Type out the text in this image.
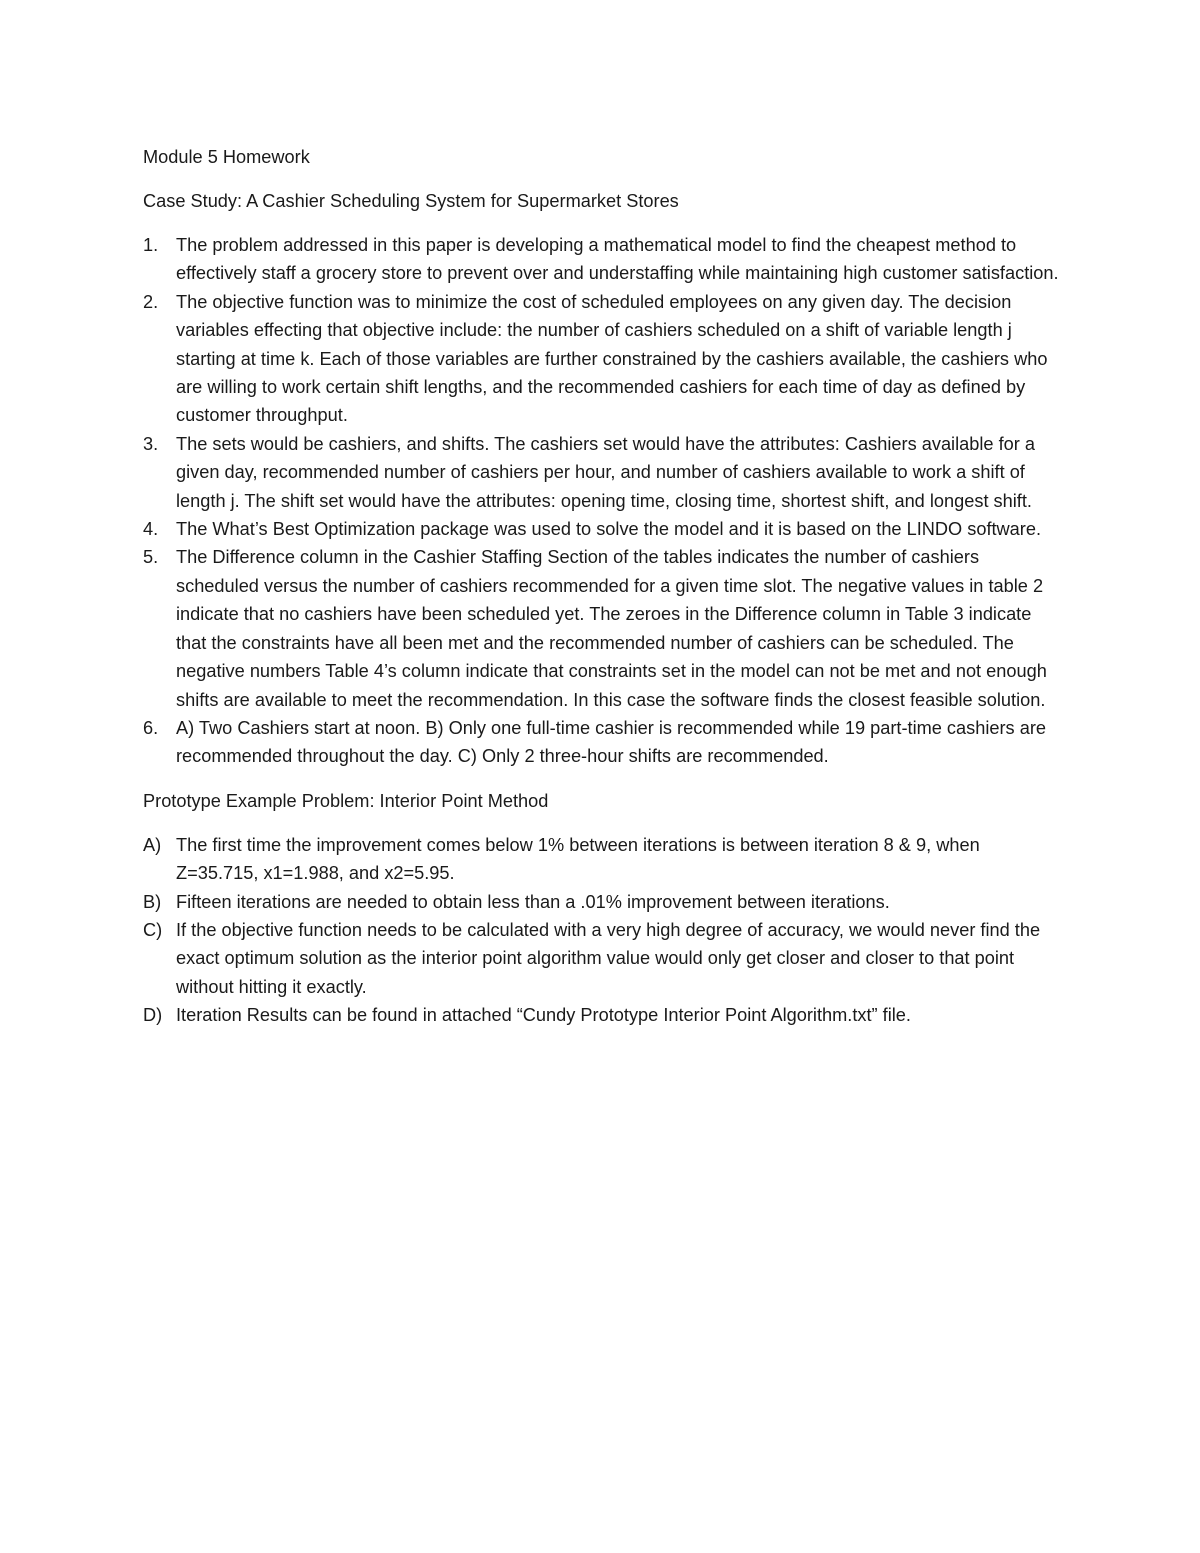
Module 5 Homework

Case Study: A Cashier Scheduling System for Supermarket Stores

1. The problem addressed in this paper is developing a mathematical model to find the cheapest method to effectively staff a grocery store to prevent over and understaffing while maintaining high customer satisfaction.
2. The objective function was to minimize the cost of scheduled employees on any given day. The decision variables effecting that objective include: the number of cashiers scheduled on a shift of variable length j starting at time k. Each of those variables are further constrained by the cashiers available, the cashiers who are willing to work certain shift lengths, and the recommended cashiers for each time of day as defined by customer throughput.
3. The sets would be cashiers, and shifts. The cashiers set would have the attributes: Cashiers available for a given day, recommended number of cashiers per hour, and number of cashiers available to work a shift of length j. The shift set would have the attributes: opening time, closing time, shortest shift, and longest shift.
4. The What’s Best Optimization package was used to solve the model and it is based on the LINDO software.
5. The Difference column in the Cashier Staffing Section of the tables indicates the number of cashiers scheduled versus the number of cashiers recommended for a given time slot. The negative values in table 2 indicate that no cashiers have been scheduled yet. The zeroes in the Difference column in Table 3 indicate that the constraints have all been met and the recommended number of cashiers can be scheduled. The negative numbers Table 4’s column indicate that constraints set in the model can not be met and not enough shifts are available to meet the recommendation. In this case the software finds the closest feasible solution.
6. A) Two Cashiers start at noon. B) Only one full-time cashier is recommended while 19 part-time cashiers are recommended throughout the day. C) Only 2 three-hour shifts are recommended.

Prototype Example Problem: Interior Point Method

A) The first time the improvement comes below 1% between iterations is between iteration 8 & 9, when Z=35.715, x1=1.988, and x2=5.95.
B) Fifteen iterations are needed to obtain less than a .01% improvement between iterations.
C) If the objective function needs to be calculated with a very high degree of accuracy, we would never find the exact optimum solution as the interior point algorithm value would only get closer and closer to that point without hitting it exactly.
D) Iteration Results can be found in attached “Cundy Prototype Interior Point Algorithm.txt” file.
